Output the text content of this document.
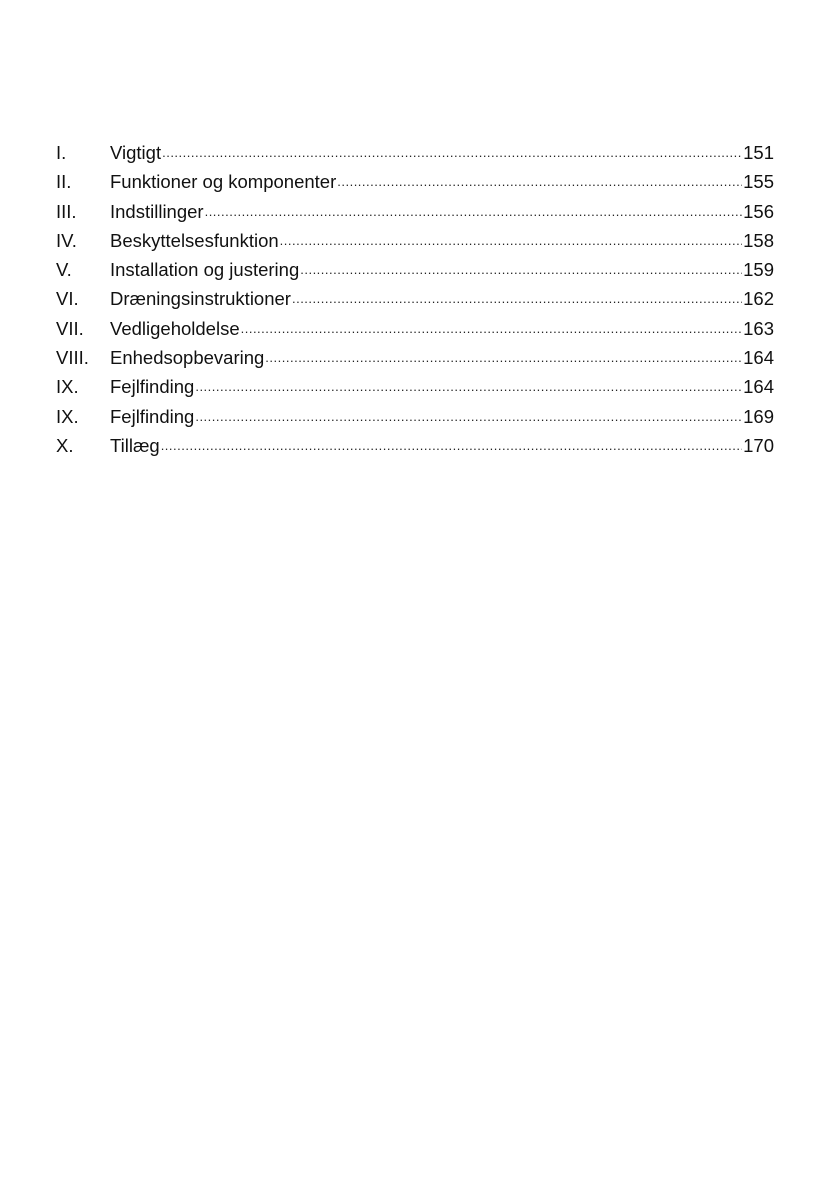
I.	Vigtigt .....	151
II.	Funktioner og komponenter .....	155
III.	Indstillinger .....	156
IV.	Beskyttelsesfunktion .....	158
V.	Installation og justering .....	159
VI.	Dræningsinstruktioner .....	162
VII.	Vedligeholdelse .....	163
VIII.	Enhedsopbevaring .....	164
IX.	Fejlfinding .....	164
IX.	Fejlfinding .....	169
X.	Tillæg .....	170
